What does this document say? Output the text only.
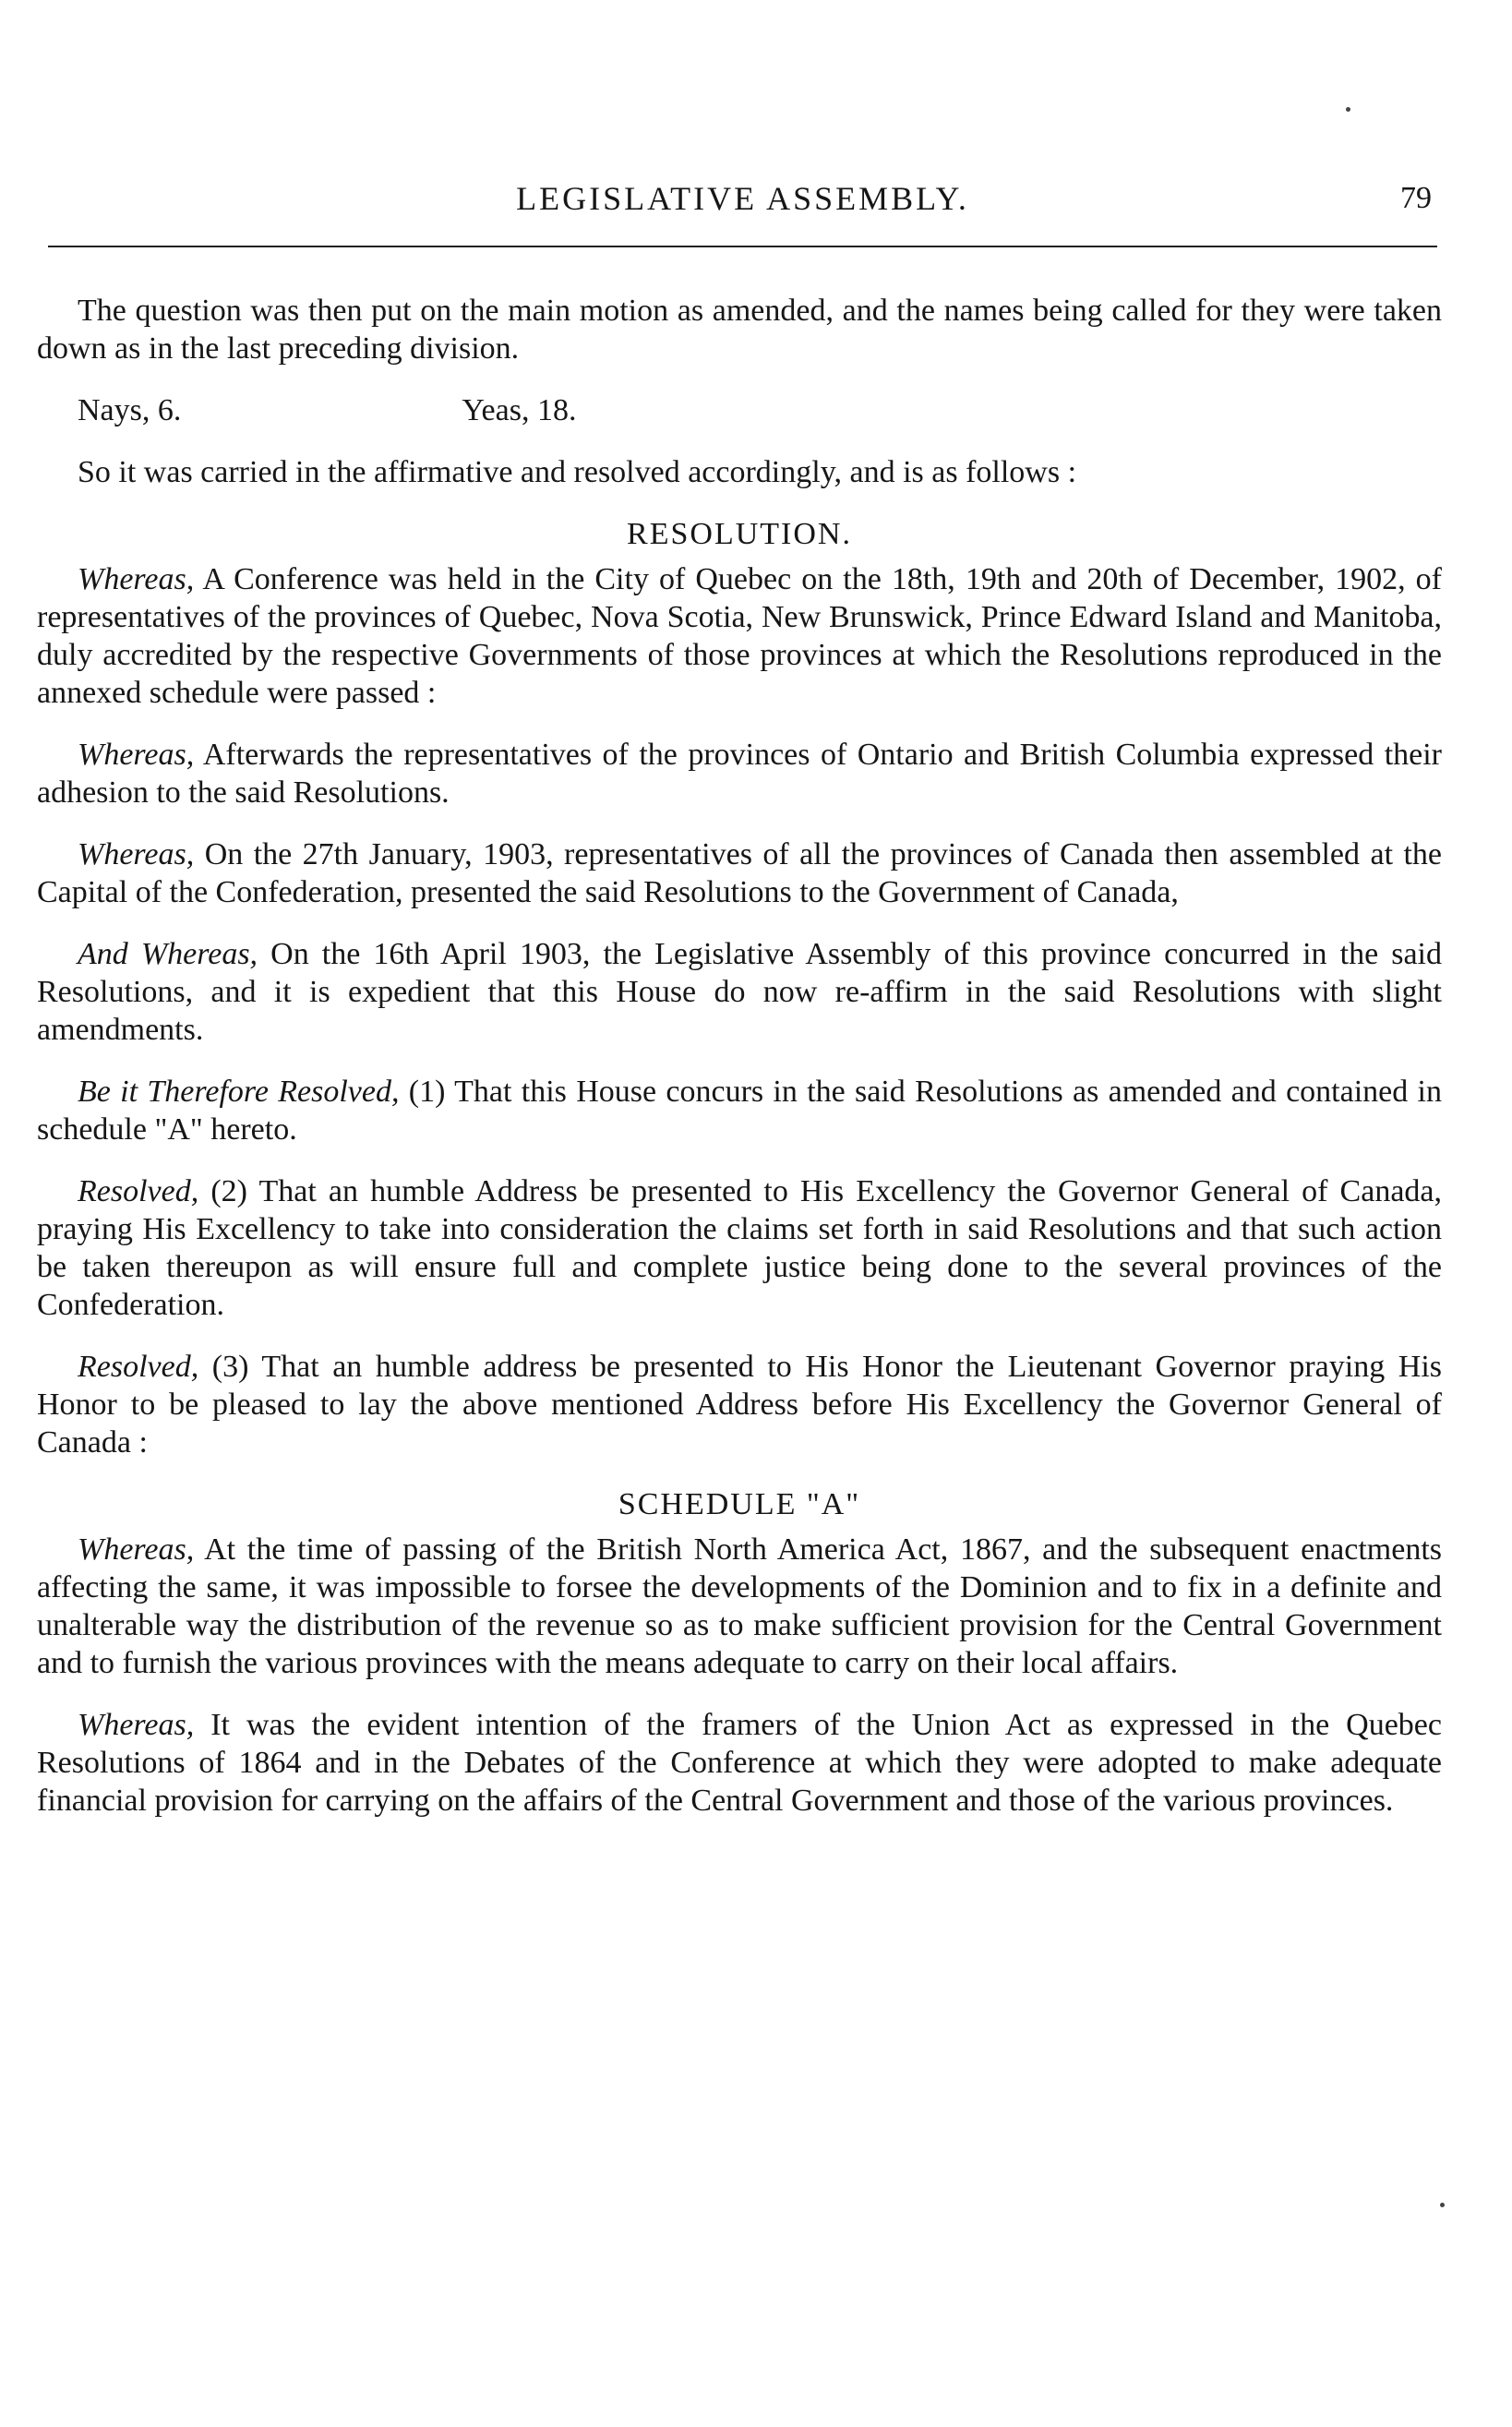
LEGISLATIVE ASSEMBLY.	79

The question was then put on the main motion as amended, and the names being called for they were taken down as in the last preceding division.

Nays, 6.	Yeas, 18.

So it was carried in the affirmative and resolved accordingly, and is as follows :

RESOLUTION.

Whereas, A Conference was held in the City of Quebec on the 18th, 19th and 20th of December, 1902, of representatives of the provinces of Quebec, Nova Scotia, New Brunswick, Prince Edward Island and Manitoba, duly accredited by the respective Governments of those provinces at which the Resolutions reproduced in the annexed schedule were passed :

Whereas, Afterwards the representatives of the provinces of Ontario and British Columbia expressed their adhesion to the said Resolutions.

Whereas, On the 27th January, 1903, representatives of all the provinces of Canada then assembled at the Capital of the Confederation, presented the said Resolutions to the Government of Canada,

And Whereas, On the 16th April 1903, the Legislative Assembly of this province concurred in the said Resolutions, and it is expedient that this House do now re-affirm in the said Resolutions with slight amendments.

Be it Therefore Resolved, (1) That this House concurs in the said Resolutions as amended and contained in schedule "A" hereto.

Resolved, (2) That an humble Address be presented to His Excellency the Governor General of Canada, praying His Excellency to take into consideration the claims set forth in said Resolutions and that such action be taken thereupon as will ensure full and complete justice being done to the several provinces of the Confederation.

Resolved, (3) That an humble address be presented to His Honor the Lieutenant Governor praying His Honor to be pleased to lay the above mentioned Address before His Excellency the Governor General of Canada :

SCHEDULE "A"

Whereas, At the time of passing of the British North America Act, 1867, and the subsequent enactments affecting the same, it was impossible to forsee the developments of the Dominion and to fix in a definite and unalterable way the distribution of the revenue so as to make sufficient provision for the Central Government and to furnish the various provinces with the means adequate to carry on their local affairs.

Whereas, It was the evident intention of the framers of the Union Act as expressed in the Quebec Resolutions of 1864 and in the Debates of the Conference at which they were adopted to make adequate financial provision for carrying on the affairs of the Central Government and those of the various provinces.
